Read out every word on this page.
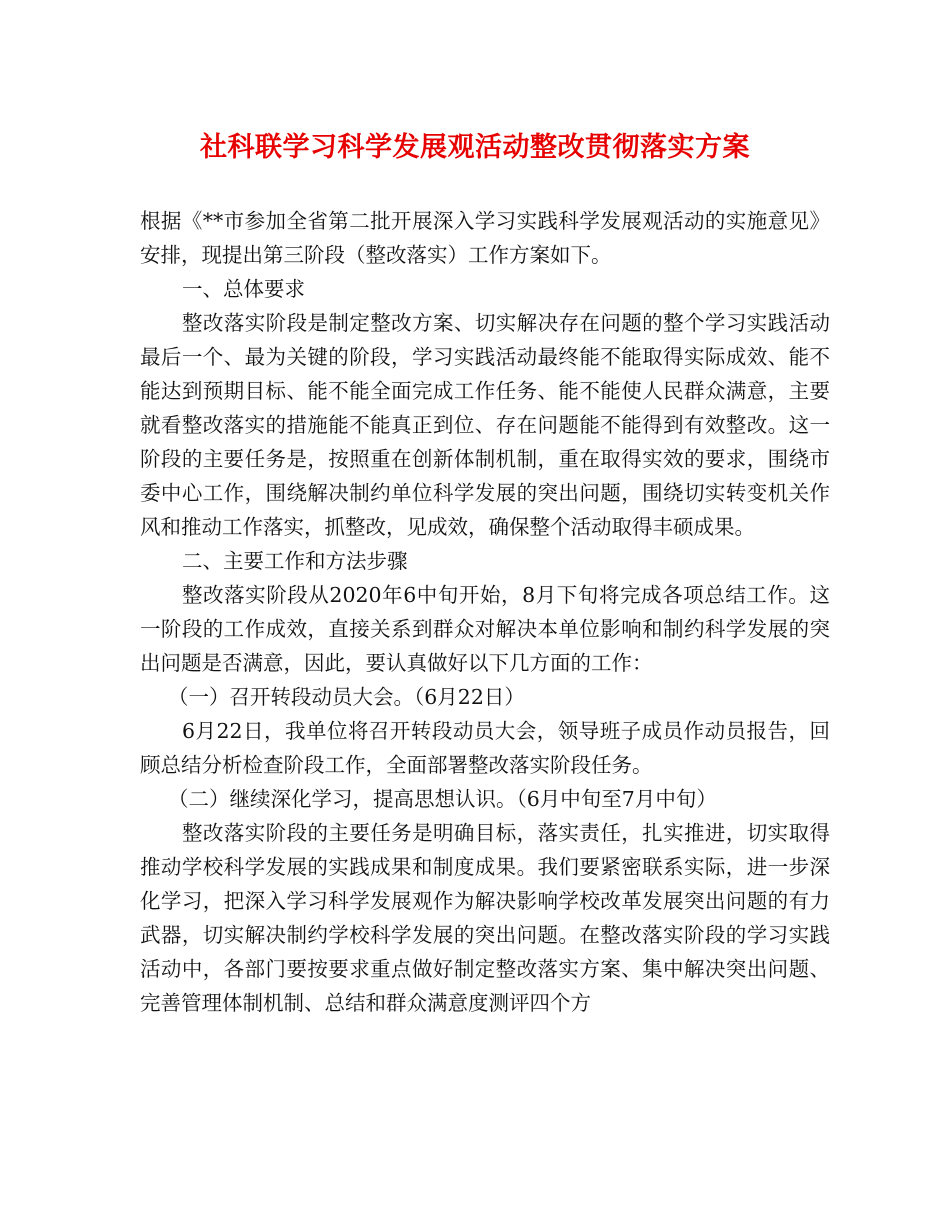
社科联学习科学发展观活动整改贯彻落实方案

根据《**市参加全省第二批开展深入学习实践科学发展观活动的实施意见》安排，现提出第三阶段（整改落实）工作方案如下。

一、总体要求

整改落实阶段是制定整改方案、切实解决存在问题的整个学习实践活动最后一个、最为关键的阶段，学习实践活动最终能不能取得实际成效、能不能达到预期目标、能不能全面完成工作任务、能不能使人民群众满意，主要就看整改落实的措施能不能真正到位、存在问题能不能得到有效整改。这一阶段的主要任务是，按照重在创新体制机制，重在取得实效的要求，围绕市委中心工作，围绕解决制约单位科学发展的突出问题，围绕切实转变机关作风和推动工作落实，抓整改，见成效，确保整个活动取得丰硕成果。

二、主要工作和方法步骤

整改落实阶段从2020年6中旬开始，8月下旬将完成各项总结工作。这一阶段的工作成效，直接关系到群众对解决本单位影响和制约科学发展的突出问题是否满意，因此，要认真做好以下几方面的工作：

（一）召开转段动员大会。（6月22日）

6月22日，我单位将召开转段动员大会，领导班子成员作动员报告，回顾总结分析检查阶段工作，全面部署整改落实阶段任务。

（二）继续深化学习，提高思想认识。（6月中旬至7月中旬）

整改落实阶段的主要任务是明确目标，落实责任，扎实推进，切实取得推动学校科学发展的实践成果和制度成果。我们要紧密联系实际，进一步深化学习，把深入学习科学发展观作为解决影响学校改革发展突出问题的有力武器，切实解决制约学校科学发展的突出问题。在整改落实阶段的学习实践活动中，各部门要按要求重点做好制定整改落实方案、集中解决突出问题、完善管理体制机制、总结和群众满意度测评四个方
